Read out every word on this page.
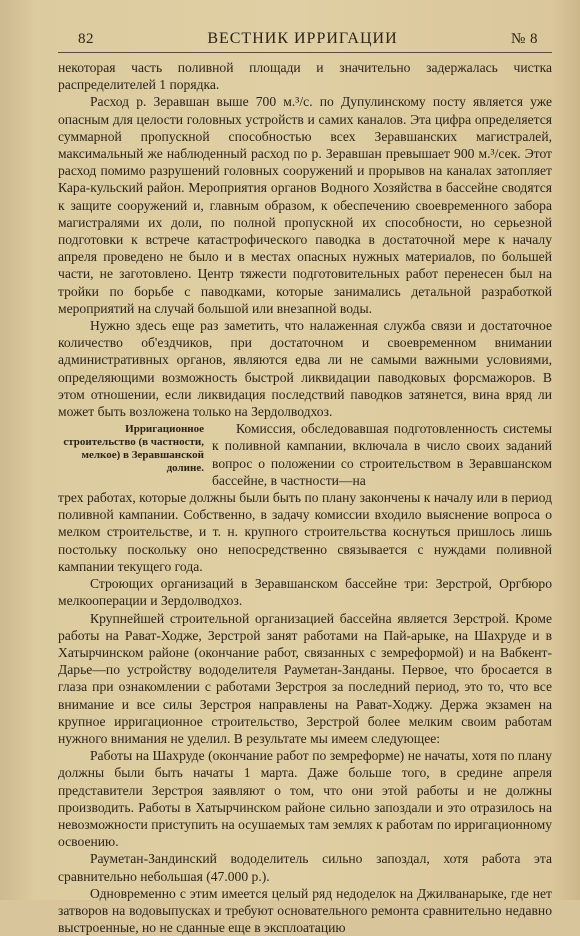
82	ВЕСТНИК ИРРИГАЦИИ	№ 8

некоторая часть поливной площади и значительно задержалась чистка распределителей 1 порядка.

Расход р. Зеравшан выше 700 м.³/с. по Дупулинскому посту является уже опасным для целости головных устройств и самих каналов. Эта цифра определяется суммарной пропускной способностью всех Зеравшанских магистралей, максимальный же наблюденный расход по р. Зеравшан превышает 900 м.³/сек. Этот расход помимо разрушений головных сооружений и прорывов на каналах затопляет Кара-кульский район. Мероприятия органов Водного Хозяйства в бассейне сводятся к защите сооружений и, главным образом, к обеспечению своевременного забора магистралями их доли, по полной пропускной их способности, но серьезной подготовки к встрече катастрофического паводка в достаточной мере к началу апреля проведено не было и в местах опасных нужных материалов, по большей части, не заготовлено. Центр тяжести подготовительных работ перенесен был на тройки по борьбе с паводками, которые занимались детальной разработкой мероприятий на случай большой или внезапной воды.

Нужно здесь еще раз заметить, что налаженная служба связи и достаточное количество об'ездчиков, при достаточном и своевременном внимании административных органов, являются едва ли не самыми важными условиями, определяющими возможность быстрой ликвидации паводковых форсмажоров. В этом отношении, если ликвидация последствий паводков затянется, вина вряд ли может быть возложена только на Зердолводхоз.

Ирригационное строительство (в частности, мелкое) в Зеравшанской долине.

Комиссия, обследовавшая подготовленность системы к поливной кампании, включала в число своих заданий вопрос о положении со строительством в Зеравшанском бассейне, в частности—на

трех работах, которые должны были быть по плану закончены к началу или в период поливной кампании. Собственно, в задачу комиссии входило выяснение вопроса о мелком строительстве, и т. н. крупного строительства коснуться пришлось лишь постольку поскольку оно непосредственно связывается с нуждами поливной кампании текущего года.

Строющих организаций в Зеравшанском бассейне три: Зерстрой, Оргбюро мелкооперации и Зердолводхоз.

Крупнейшей строительной организацией бассейна является Зерстрой. Кроме работы на Рават-Ходже, Зерстрой занят работами на Пай-арыке, на Шахруде и в Хатырчинском районе (окончание работ, связанных с земреформой) и на Вабкент-Дарье—по устройству вододелителя Рауметан-Занданы. Первое, что бросается в глаза при ознакомлении с работами Зерстроя за последний период, это то, что все внимание и все силы Зерстроя направлены на Рават-Ходжу. Держа экзамен на крупное ирригационное строительство, Зерстрой более мелким своим работам нужного внимания не уделил. В результате мы имеем следующее:

Работы на Шахруде (окончание работ по земреформе) не начаты, хотя по плану должны были быть начаты 1 марта. Даже больше того, в средине апреля представители Зерстроя заявляют о том, что они этой работы и не должны производить. Работы в Хатырчинском районе сильно запоздали и это отразилось на невозможности приступить на осушаемых там землях к работам по ирригационному освоению.

Рауметан-Зандинский вододелитель сильно запоздал, хотя работа эта сравнительно небольшая (47.000 р.).

Одновременно с этим имеется целый ряд недоделок на Джилванарыке, где нет затворов на водовыпусках и требуют основательного ремонта сравнительно недавно выстроенные, но не сданные еще в эксплоатацию
